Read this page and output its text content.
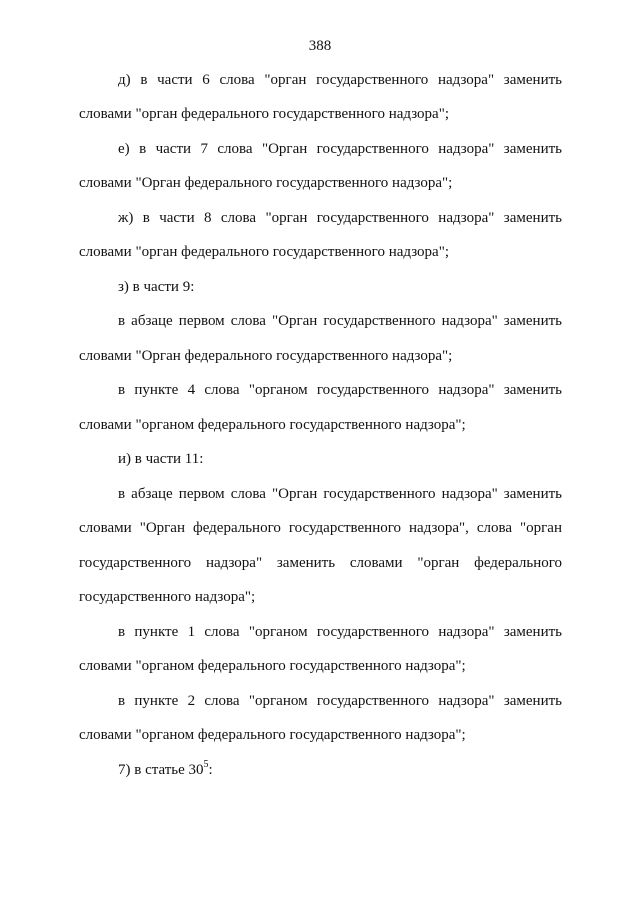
388
д) в части 6 слова "орган государственного надзора" заменить
словами "орган федерального государственного надзора";
е) в части 7 слова "Орган государственного надзора" заменить
словами "Орган федерального государственного надзора";
ж) в части 8 слова "орган государственного надзора" заменить
словами "орган федерального государственного надзора";
з) в части 9:
в абзаце первом слова "Орган государственного надзора" заменить
словами "Орган федерального государственного надзора";
в пункте 4 слова "органом государственного надзора" заменить
словами "органом федерального государственного надзора";
и) в части 11:
в абзаце первом слова "Орган государственного надзора" заменить
словами "Орган федерального государственного надзора", слова "орган
государственного надзора" заменить словами "орган федерального
государственного надзора";
в пункте 1 слова "органом государственного надзора" заменить
словами "органом федерального государственного надзора";
в пункте 2 слова "органом государственного надзора" заменить
словами "органом федерального государственного надзора";
7) в статье $30^5$:
